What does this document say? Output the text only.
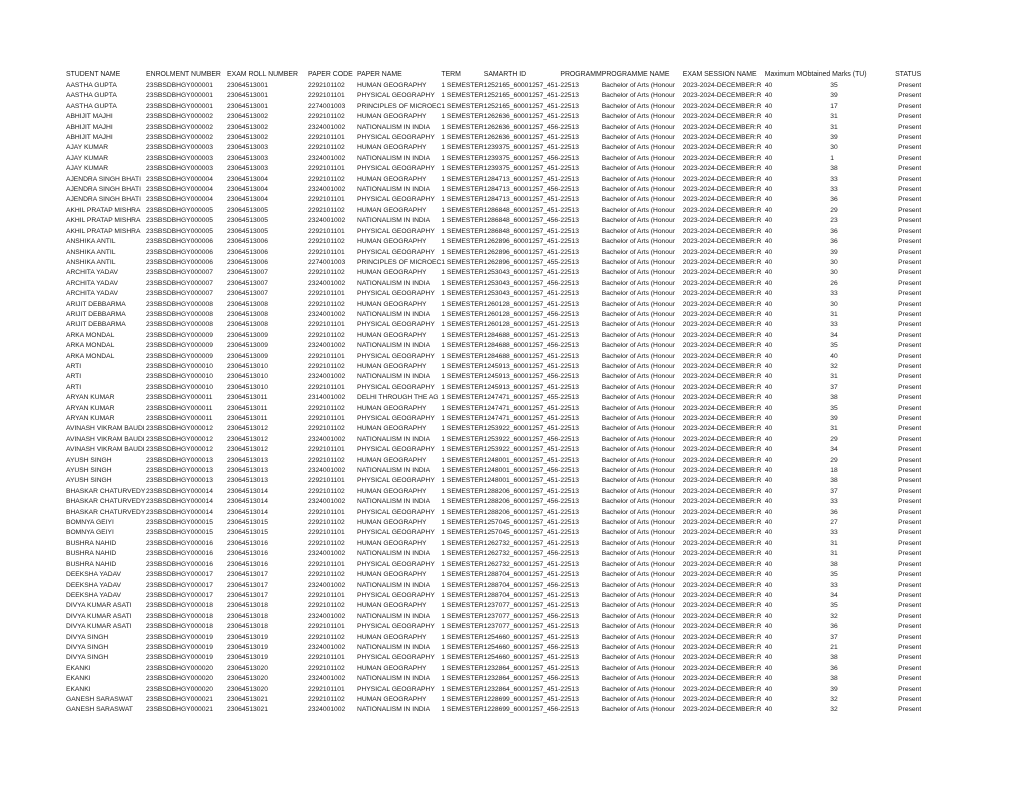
STUDENT NAME	ENROLMENT NUMBER	EXAM ROLL NUMBER	PAPER CODE	PAPER NAME	TERM	SAMARTH ID	PROGRAMM	PROGRAMME NAME	EXAM SESSION NAME	Maximum M	Obtained Marks (TU)	STATUS
AASTHA GUPTA	23SBSDBHGY000001	23064513001	2292101102	HUMAN GEOGRAPHY	1 SEMESTER	1252165_60001257_451-	22513	Bachelor of Arts (Honour	2023-2024-DECEMBER:R	40	35	Present
AASTHA GUPTA	23SBSDBHGY000001	23064513001	2292101101	PHYSICAL GEOGRAPHY	1 SEMESTER	1252165_60001257_451-	22513	Bachelor of Arts (Honour	2023-2024-DECEMBER:R	40	39	Present
AASTHA GUPTA	23SBSDBHGY000001	23064513001	2274001003	PRINCIPLES OF MICROEC	1 SEMESTER	1252165_60001257_451-	22513	Bachelor of Arts (Honour	2023-2024-DECEMBER:R	40	17	Present
ABHIJIT MAJHI	23SBSDBHGY000002	23064513002	2292101102	HUMAN GEOGRAPHY	1 SEMESTER	1262636_60001257_451-	22513	Bachelor of Arts (Honour	2023-2024-DECEMBER:R	40	31	Present
ABHIJIT MAJHI	23SBSDBHGY000002	23064513002	2324001002	NATIONALISM IN INDIA	1 SEMESTER	1262636_60001257_456-	22513	Bachelor of Arts (Honour	2023-2024-DECEMBER:R	40	31	Present
ABHIJIT MAJHI	23SBSDBHGY000002	23064513002	2292101101	PHYSICAL GEOGRAPHY	1 SEMESTER	1262636_60001257_451-	22513	Bachelor of Arts (Honour	2023-2024-DECEMBER:R	40	39	Present
AJAY KUMAR	23SBSDBHGY000003	23064513003	2292101102	HUMAN GEOGRAPHY	1 SEMESTER	1239375_60001257_451-	22513	Bachelor of Arts (Honour	2023-2024-DECEMBER:R	40	30	Present
AJAY KUMAR	23SBSDBHGY000003	23064513003	2324001002	NATIONALISM IN INDIA	1 SEMESTER	1239375_60001257_456-	22513	Bachelor of Arts (Honour	2023-2024-DECEMBER:R	40	1	Present
AJAY KUMAR	23SBSDBHGY000003	23064513003	2292101101	PHYSICAL GEOGRAPHY	1 SEMESTER	1239375_60001257_451-	22513	Bachelor of Arts (Honour	2023-2024-DECEMBER:R	40	38	Present
AJENDRA SINGH BHATI	23SBSDBHGY000004	23064513004	2292101102	HUMAN GEOGRAPHY	1 SEMESTER	1284713_60001257_451-	22513	Bachelor of Arts (Honour	2023-2024-DECEMBER:R	40	33	Present
AJENDRA SINGH BHATI	23SBSDBHGY000004	23064513004	2324001002	NATIONALISM IN INDIA	1 SEMESTER	1284713_60001257_456-	22513	Bachelor of Arts (Honour	2023-2024-DECEMBER:R	40	33	Present
AJENDRA SINGH BHATI	23SBSDBHGY000004	23064513004	2292101101	PHYSICAL GEOGRAPHY	1 SEMESTER	1284713_60001257_451-	22513	Bachelor of Arts (Honour	2023-2024-DECEMBER:R	40	36	Present
AKHIL PRATAP MISHRA	23SBSDBHGY000005	23064513005	2292101102	HUMAN GEOGRAPHY	1 SEMESTER	1286848_60001257_451-	22513	Bachelor of Arts (Honour	2023-2024-DECEMBER:R	40	29	Present
AKHIL PRATAP MISHRA	23SBSDBHGY000005	23064513005	2324001002	NATIONALISM IN INDIA	1 SEMESTER	1286848_60001257_456-	22513	Bachelor of Arts (Honour	2023-2024-DECEMBER:R	40	23	Present
AKHIL PRATAP MISHRA	23SBSDBHGY000005	23064513005	2292101101	PHYSICAL GEOGRAPHY	1 SEMESTER	1286848_60001257_451-	22513	Bachelor of Arts (Honour	2023-2024-DECEMBER:R	40	36	Present
ANSHIKA ANTIL	23SBSDBHGY000006	23064513006	2292101102	HUMAN GEOGRAPHY	1 SEMESTER	1262896_60001257_451-	22513	Bachelor of Arts (Honour	2023-2024-DECEMBER:R	40	36	Present
ANSHIKA ANTIL	23SBSDBHGY000006	23064513006	2292101101	PHYSICAL GEOGRAPHY	1 SEMESTER	1262896_60001257_451-	22513	Bachelor of Arts (Honour	2023-2024-DECEMBER:R	40	39	Present
ANSHIKA ANTIL	23SBSDBHGY000006	23064513006	2274001003	PRINCIPLES OF MICROEC	1 SEMESTER	1262896_60001257_455-	22513	Bachelor of Arts (Honour	2023-2024-DECEMBER:R	40	30	Present
ARCHITA YADAV	23SBSDBHGY000007	23064513007	2292101102	HUMAN GEOGRAPHY	1 SEMESTER	1253043_60001257_451-	22513	Bachelor of Arts (Honour	2023-2024-DECEMBER:R	40	30	Present
ARCHITA YADAV	23SBSDBHGY000007	23064513007	2324001002	NATIONALISM IN INDIA	1 SEMESTER	1253043_60001257_456-	22513	Bachelor of Arts (Honour	2023-2024-DECEMBER:R	40	26	Present
ARCHITA YADAV	23SBSDBHGY000007	23064513007	2292101101	PHYSICAL GEOGRAPHY	1 SEMESTER	1253043_60001257_451-	22513	Bachelor of Arts (Honour	2023-2024-DECEMBER:R	40	33	Present
ARIJIT DEBBARMA	23SBSDBHGY000008	23064513008	2292101102	HUMAN GEOGRAPHY	1 SEMESTER	1260128_60001257_451-	22513	Bachelor of Arts (Honour	2023-2024-DECEMBER:R	40	30	Present
ARIJIT DEBBARMA	23SBSDBHGY000008	23064513008	2324001002	NATIONALISM IN INDIA	1 SEMESTER	1260128_60001257_456-	22513	Bachelor of Arts (Honour	2023-2024-DECEMBER:R	40	31	Present
ARIJIT DEBBARMA	23SBSDBHGY000008	23064513008	2292101101	PHYSICAL GEOGRAPHY	1 SEMESTER	1260128_60001257_451-	22513	Bachelor of Arts (Honour	2023-2024-DECEMBER:R	40	33	Present
ARKA MONDAL	23SBSDBHGY000009	23064513009	2292101102	HUMAN GEOGRAPHY	1 SEMESTER	1284688_60001257_451-	22513	Bachelor of Arts (Honour	2023-2024-DECEMBER:R	40	34	Present
ARKA MONDAL	23SBSDBHGY000009	23064513009	2324001002	NATIONALISM IN INDIA	1 SEMESTER	1284688_60001257_456-	22513	Bachelor of Arts (Honour	2023-2024-DECEMBER:R	40	35	Present
ARKA MONDAL	23SBSDBHGY000009	23064513009	2292101101	PHYSICAL GEOGRAPHY	1 SEMESTER	1284688_60001257_451-	22513	Bachelor of Arts (Honour	2023-2024-DECEMBER:R	40	40	Present
ARTI	23SBSDBHGY000010	23064513010	2292101102	HUMAN GEOGRAPHY	1 SEMESTER	1245913_60001257_451-	22513	Bachelor of Arts (Honour	2023-2024-DECEMBER:R	40	32	Present
ARTI	23SBSDBHGY000010	23064513010	2324001002	NATIONALISM IN INDIA	1 SEMESTER	1245913_60001257_456-	22513	Bachelor of Arts (Honour	2023-2024-DECEMBER:R	40	31	Present
ARTI	23SBSDBHGY000010	23064513010	2292101101	PHYSICAL GEOGRAPHY	1 SEMESTER	1245913_60001257_451-	22513	Bachelor of Arts (Honour	2023-2024-DECEMBER:R	40	37	Present
ARYAN KUMAR	23SBSDBHGY000011	23064513011	2314001002	DELHI THROUGH THE AG	1 SEMESTER	1247471_60001257_455-	22513	Bachelor of Arts (Honour	2023-2024-DECEMBER:R	40	38	Present
ARYAN KUMAR	23SBSDBHGY000011	23064513011	2292101102	HUMAN GEOGRAPHY	1 SEMESTER	1247471_60001257_451-	22513	Bachelor of Arts (Honour	2023-2024-DECEMBER:R	40	35	Present
ARYAN KUMAR	23SBSDBHGY000011	23064513011	2292101101	PHYSICAL GEOGRAPHY	1 SEMESTER	1247471_60001257_451-	22513	Bachelor of Arts (Honour	2023-2024-DECEMBER:R	40	39	Present
AVINASH VIKRAM BAUDI	23SBSDBHGY000012	23064513012	2292101102	HUMAN GEOGRAPHY	1 SEMESTER	1253922_60001257_451-	22513	Bachelor of Arts (Honour	2023-2024-DECEMBER:R	40	31	Present
AVINASH VIKRAM BAUDI	23SBSDBHGY000012	23064513012	2324001002	NATIONALISM IN INDIA	1 SEMESTER	1253922_60001257_456-	22513	Bachelor of Arts (Honour	2023-2024-DECEMBER:R	40	29	Present
AVINASH VIKRAM BAUDI	23SBSDBHGY000012	23064513012	2292101101	PHYSICAL GEOGRAPHY	1 SEMESTER	1253922_60001257_451-	22513	Bachelor of Arts (Honour	2023-2024-DECEMBER:R	40	34	Present
AYUSH SINGH	23SBSDBHGY000013	23064513013	2292101102	HUMAN GEOGRAPHY	1 SEMESTER	1248001_60001257_451-	22513	Bachelor of Arts (Honour	2023-2024-DECEMBER:R	40	29	Present
AYUSH SINGH	23SBSDBHGY000013	23064513013	2324001002	NATIONALISM IN INDIA	1 SEMESTER	1248001_60001257_456-	22513	Bachelor of Arts (Honour	2023-2024-DECEMBER:R	40	18	Present
AYUSH SINGH	23SBSDBHGY000013	23064513013	2292101101	PHYSICAL GEOGRAPHY	1 SEMESTER	1248001_60001257_451-	22513	Bachelor of Arts (Honour	2023-2024-DECEMBER:R	40	38	Present
BHASKAR CHATURVEDY	23SBSDBHGY000014	23064513014	2292101102	HUMAN GEOGRAPHY	1 SEMESTER	1288206_60001257_451-	22513	Bachelor of Arts (Honour	2023-2024-DECEMBER:R	40	37	Present
BHASKAR CHATURVEDY	23SBSDBHGY000014	23064513014	2324001002	NATIONALISM IN INDIA	1 SEMESTER	1288206_60001257_456-	22513	Bachelor of Arts (Honour	2023-2024-DECEMBER:R	40	33	Present
BHASKAR CHATURVEDY	23SBSDBHGY000014	23064513014	2292101101	PHYSICAL GEOGRAPHY	1 SEMESTER	1288206_60001257_451-	22513	Bachelor of Arts (Honour	2023-2024-DECEMBER:R	40	36	Present
BOMNYA GEIYI	23SBSDBHGY000015	23064513015	2292101102	HUMAN GEOGRAPHY	1 SEMESTER	1257045_60001257_451-	22513	Bachelor of Arts (Honour	2023-2024-DECEMBER:R	40	27	Present
BOMNYA GEIYI	23SBSDBHGY000015	23064513015	2292101101	PHYSICAL GEOGRAPHY	1 SEMESTER	1257045_60001257_451-	22513	Bachelor of Arts (Honour	2023-2024-DECEMBER:R	40	33	Present
BUSHRA NAHID	23SBSDBHGY000016	23064513016	2292101102	HUMAN GEOGRAPHY	1 SEMESTER	1262732_60001257_451-	22513	Bachelor of Arts (Honour	2023-2024-DECEMBER:R	40	31	Present
BUSHRA NAHID	23SBSDBHGY000016	23064513016	2324001002	NATIONALISM IN INDIA	1 SEMESTER	1262732_60001257_456-	22513	Bachelor of Arts (Honour	2023-2024-DECEMBER:R	40	31	Present
BUSHRA NAHID	23SBSDBHGY000016	23064513016	2292101101	PHYSICAL GEOGRAPHY	1 SEMESTER	1262732_60001257_451-	22513	Bachelor of Arts (Honour	2023-2024-DECEMBER:R	40	38	Present
DEEKSHA YADAV	23SBSDBHGY000017	23064513017	2292101102	HUMAN GEOGRAPHY	1 SEMESTER	1288704_60001257_451-	22513	Bachelor of Arts (Honour	2023-2024-DECEMBER:R	40	35	Present
DEEKSHA YADAV	23SBSDBHGY000017	23064513017	2324001002	NATIONALISM IN INDIA	1 SEMESTER	1288704_60001257_456-	22513	Bachelor of Arts (Honour	2023-2024-DECEMBER:R	40	33	Present
DEEKSHA YADAV	23SBSDBHGY000017	23064513017	2292101101	PHYSICAL GEOGRAPHY	1 SEMESTER	1288704_60001257_451-	22513	Bachelor of Arts (Honour	2023-2024-DECEMBER:R	40	34	Present
DIVYA KUMAR ASATI	23SBSDBHGY000018	23064513018	2292101102	HUMAN GEOGRAPHY	1 SEMESTER	1237077_60001257_451-	22513	Bachelor of Arts (Honour	2023-2024-DECEMBER:R	40	35	Present
DIVYA KUMAR ASATI	23SBSDBHGY000018	23064513018	2324001002	NATIONALISM IN INDIA	1 SEMESTER	1237077_60001257_456-	22513	Bachelor of Arts (Honour	2023-2024-DECEMBER:R	40	32	Present
DIVYA KUMAR ASATI	23SBSDBHGY000018	23064513018	2292101101	PHYSICAL GEOGRAPHY	1 SEMESTER	1237077_60001257_451-	22513	Bachelor of Arts (Honour	2023-2024-DECEMBER:R	40	36	Present
DIVYA SINGH	23SBSDBHGY000019	23064513019	2292101102	HUMAN GEOGRAPHY	1 SEMESTER	1254660_60001257_451-	22513	Bachelor of Arts (Honour	2023-2024-DECEMBER:R	40	37	Present
DIVYA SINGH	23SBSDBHGY000019	23064513019	2324001002	NATIONALISM IN INDIA	1 SEMESTER	1254660_60001257_456-	22513	Bachelor of Arts (Honour	2023-2024-DECEMBER:R	40	21	Present
DIVYA SINGH	23SBSDBHGY000019	23064513019	2292101101	PHYSICAL GEOGRAPHY	1 SEMESTER	1254660_60001257_451-	22513	Bachelor of Arts (Honour	2023-2024-DECEMBER:R	40	38	Present
EKANKI	23SBSDBHGY000020	23064513020	2292101102	HUMAN GEOGRAPHY	1 SEMESTER	1232864_60001257_451-	22513	Bachelor of Arts (Honour	2023-2024-DECEMBER:R	40	36	Present
EKANKI	23SBSDBHGY000020	23064513020	2324001002	NATIONALISM IN INDIA	1 SEMESTER	1232864_60001257_456-	22513	Bachelor of Arts (Honour	2023-2024-DECEMBER:R	40	38	Present
EKANKI	23SBSDBHGY000020	23064513020	2292101101	PHYSICAL GEOGRAPHY	1 SEMESTER	1232864_60001257_451-	22513	Bachelor of Arts (Honour	2023-2024-DECEMBER:R	40	39	Present
GANESH SARASWAT	23SBSDBHGY000021	23064513021	2292101102	HUMAN GEOGRAPHY	1 SEMESTER	1228699_60001257_451-	22513	Bachelor of Arts (Honour	2023-2024-DECEMBER:R	40	32	Present
GANESH SARASWAT	23SBSDBHGY000021	23064513021	2324001002	NATIONALISM IN INDIA	1 SEMESTER	1228699_60001257_456-	22513	Bachelor of Arts (Honour	2023-2024-DECEMBER:R	40	32	Present
